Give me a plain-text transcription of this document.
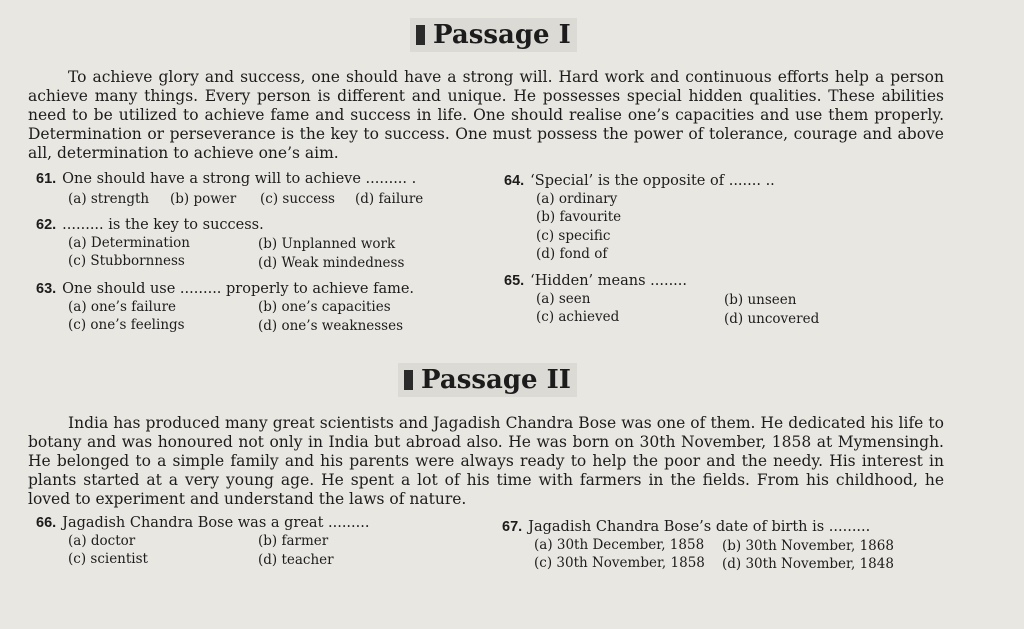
Passage I

To achieve glory and success, one should have a strong will. Hard work and continuous efforts help a person achieve many things. Every person is different and unique. He possesses special hidden qualities. These abilities need to be utilized to achieve fame and success in life. One should realise one’s capacities and use them properly. Determination or perseverance is the key to success. One must possess the power of tolerance, courage and above all, determination to achieve one’s aim.

61. One should have a strong will to achieve ......... .
(a) strength (b) power (c) success (d) failure
62. ......... is the key to success.
(a) Determination	(b) Unplanned work
(c) Stubbornness	(d) Weak mindedness
63. One should use ......... properly to achieve fame.
(a) one’s failure	(b) one’s capacities
(c) one’s feelings	(d) one’s weaknesses
64. ‘Special’ is the opposite of ....... ..
(a) ordinary
(b) favourite
(c) specific
(d) fond of
65. ‘Hidden’ means ........
(a) seen	(b) unseen
(c) achieved	(d) uncovered
Passage II

India has produced many great scientists and Jagadish Chandra Bose was one of them. He dedicated his life to botany and was honoured not only in India but abroad also. He was born on 30th November, 1858 at Mymensingh. He belonged to a simple family and his parents were always ready to help the poor and the needy. His interest in plants started at a very young age. He spent a lot of his time with farmers in the fields. From his childhood, he loved to experiment and understand the laws of nature.

66. Jagadish Chandra Bose was a great .........
(a) doctor	(b) farmer
(c) scientist	(d) teacher
67. Jagadish Chandra Bose’s date of birth is .........
(a) 30th December, 1858 (b) 30th November, 1868
(c) 30th November, 1858 (d) 30th November, 1848
